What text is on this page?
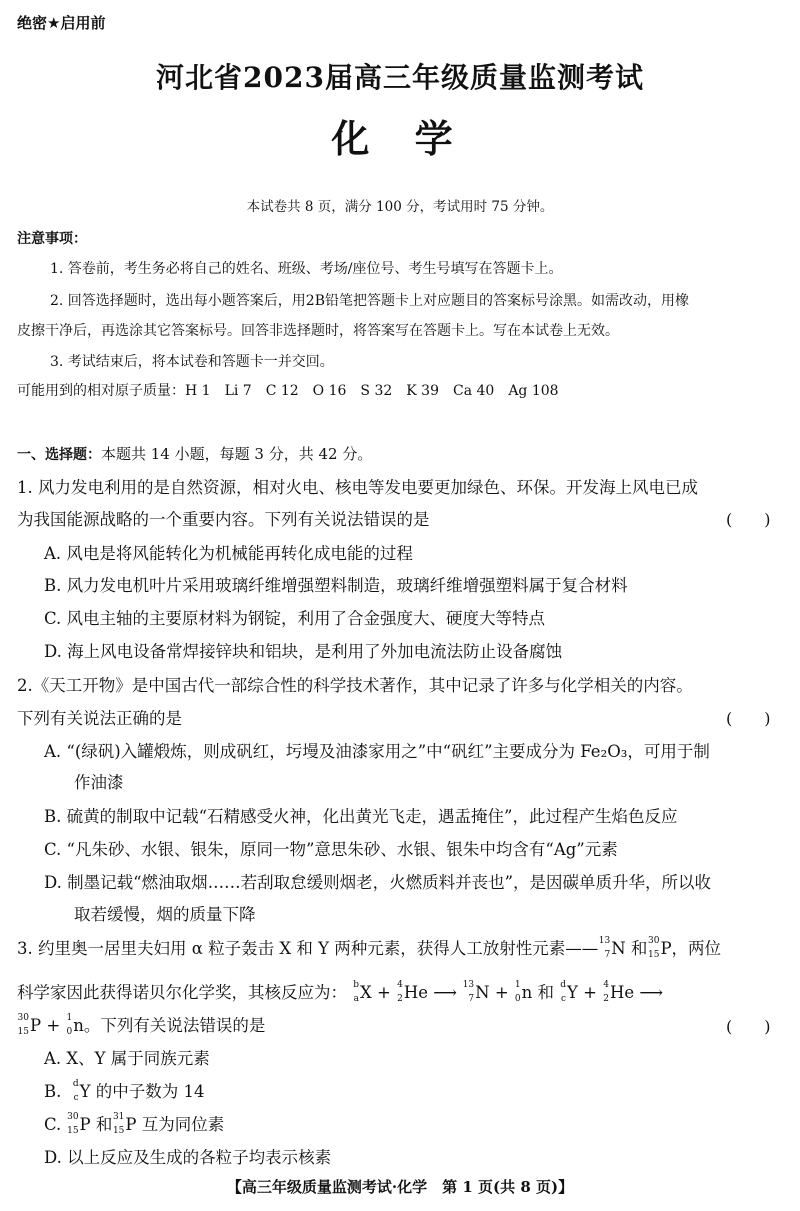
绝密★启用前
河北省2023届高三年级质量监测考试
化 学
本试卷共 8 页，满分 100 分，考试用时 75 分钟。
注意事项：
1. 答卷前，考生务必将自己的姓名、班级、考场/座位号、考生号填写在答题卡上。
2. 回答选择题时，选出每小题答案后，用2B铅笔把答题卡上对应题目的答案标号涂黑。如需改动，用橡
皮擦干净后，再选涂其它答案标号。回答非选择题时，将答案写在答题卡上。写在本试卷上无效。
3. 考试结束后，将本试卷和答题卡一并交回。
可能用到的相对原子质量：H 1　Li 7　C 12　O 16　S 32　K 39　Ca 40　Ag 108
一、选择题：本题共 14 小题，每题 3 分，共 42 分。
1. 风力发电利用的是自然资源，相对火电、核电等发电要更加绿色、环保。开发海上风电已成
为我国能源战略的一个重要内容。下列有关说法错误的是	(　　)
A. 风电是将风能转化为机械能再转化成电能的过程
B. 风力发电机叶片采用玻璃纤维增强塑料制造，玻璃纤维增强塑料属于复合材料
C. 风电主轴的主要原材料为钢锭，利用了合金强度大、硬度大等特点
D. 海上风电设备常焊接锌块和铝块，是利用了外加电流法防止设备腐蚀
2.《天工开物》是中国古代一部综合性的科学技术著作，其中记录了许多与化学相关的内容。
下列有关说法正确的是	(　　)
A. “(绿矾)入罐煅炼，则成矾红，圬墁及油漆家用之”中“矾红”主要成分为 Fe₂O₃，可用于制
作油漆
B. 硫黄的制取中记载“石精感受火神，化出黄光飞走，遇盂掩住”，此过程产生焰色反应
C. “凡朱砂、水银、银朱，原同一物”意思朱砂、水银、银朱中均含有“Ag”元素
D. 制墨记载“燃油取烟……若刮取怠缓则烟老，火燃质料并丧也”，是因碳单质升华，所以收
取若缓慢，烟的质量下降
3. 约里奥一居里夫妇用 α 粒子轰击 X 和 Y 两种元素，获得人工放射性元素—— 13
7 N 和 30
15 P，两位
科学家因此获得诺贝尔化学奖，其核反应为： b
a X + 4
2 He ⟶ 13
7 N + 1
0 n 和 d
c Y + 4
2 He ⟶
30
15 P + 1
0 n。下列有关说法错误的是	(　　)
A. X、Y 属于同族元素
B. d
c Y 的中子数为 14
C. 30
15 P 和 31
15 P 互为同位素
D. 以上反应及生成的各粒子均表示核素
【高三年级质量监测考试·化学　第 1 页(共 8 页)】
